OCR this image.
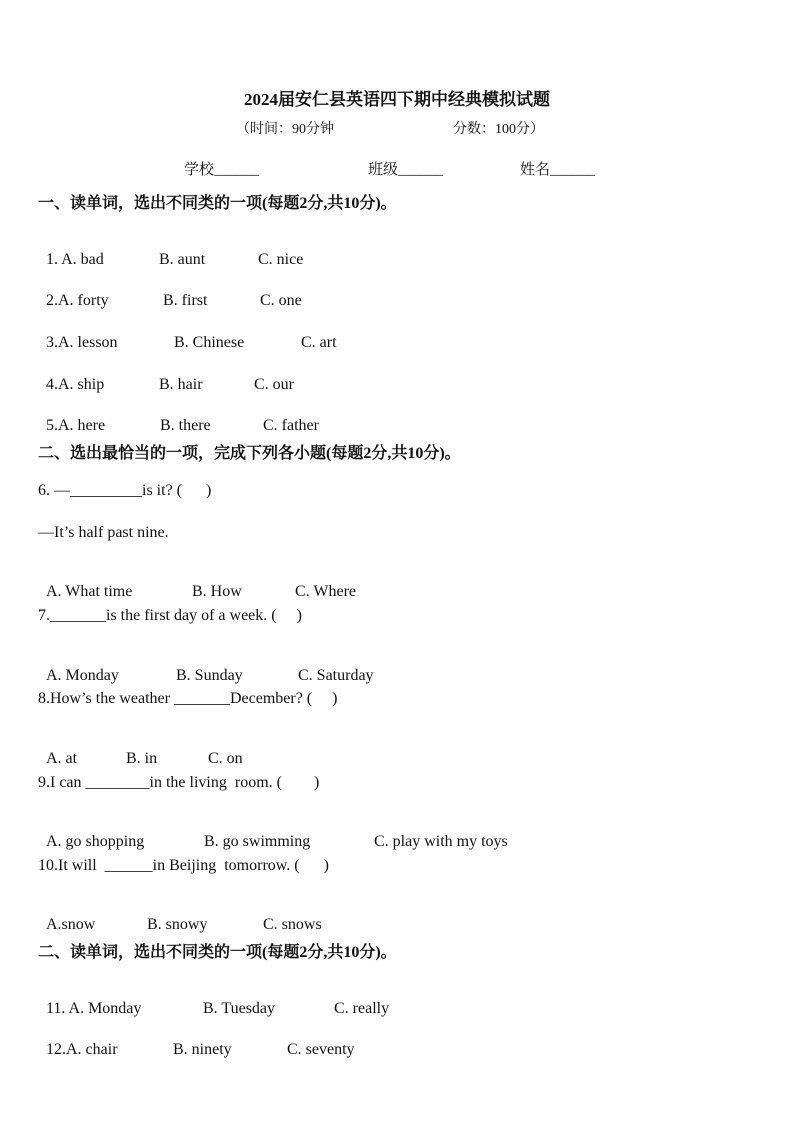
2024届安仁县英语四下期中经典模拟试题
（时间：90分钟	分数：100分）
学校______	班级______	姓名______
一、读单词，选出不同类的一项(每题2分,共10分)。

1. A. bad	B. aunt	C. nice

2.A. forty	B. first	C. one

3.A. lesson	B. Chinese	C. art

4.A. ship	B. hair	C. our

5.A. here	B. there	C. father

二、选出最恰当的一项，完成下列各小题(每题2分,共10分)。
6. —_________is it? (      )
—It’s half past nine.

A. What time	B. How	C. Where

7._______is the first day of a week. (     )

A. Monday	B. Sunday	C. Saturday

8.How’s the weather _______December? (     )

A. at	B. in	C. on

9.I can ________in the living  room. (        )

A. go shopping	B. go swimming	C. play with my toys

10.It will  ______in Beijing  tomorrow. (      )

A.snow	B. snowy	C. snows

二、读单词，选出不同类的一项(每题2分,共10分)。

11. A. Monday	B. Tuesday	C. really

12.A. chair	B. ninety	C. seventy
